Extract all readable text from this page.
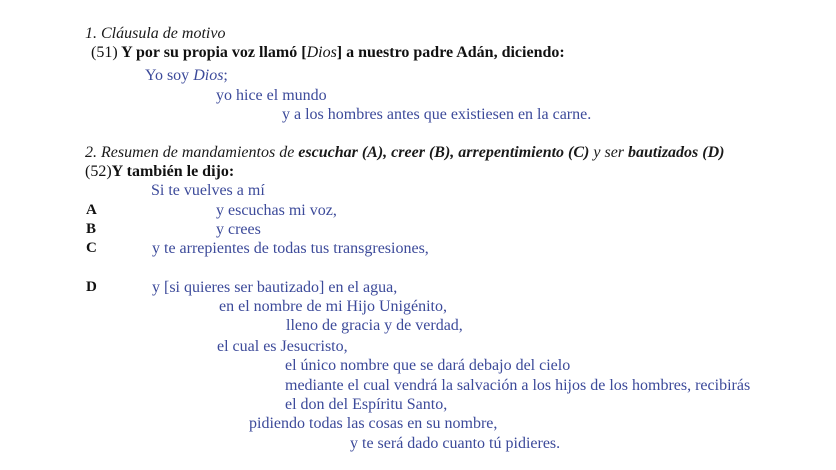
1. Cláusula de motivo
(51) Y por su propia voz llamó [Dios] a nuestro padre Adán, diciendo:
Yo soy Dios;
yo hice el mundo
y a los hombres antes que existiesen en la carne.
2. Resumen de mandamientos de escuchar (A), creer (B), arrepentimiento (C) y ser bautizados (D)
(52)Y también le dijo:
A
B
C
D
Si te vuelves a mí
y escuchas mi voz,
y crees
y te arrepientes de todas tus transgresiones,
y [si quieres ser bautizado] en el agua,
en el nombre de mi Hijo Unigénito,
lleno de gracia y de verdad,
el cual es Jesucristo,
el único nombre que se dará debajo del cielo
mediante el cual vendrá la salvación a los hijos de los hombres, recibirás
el don del Espíritu Santo,
pidiendo todas las cosas en su nombre,
y te será dado cuanto tú pidieres.
